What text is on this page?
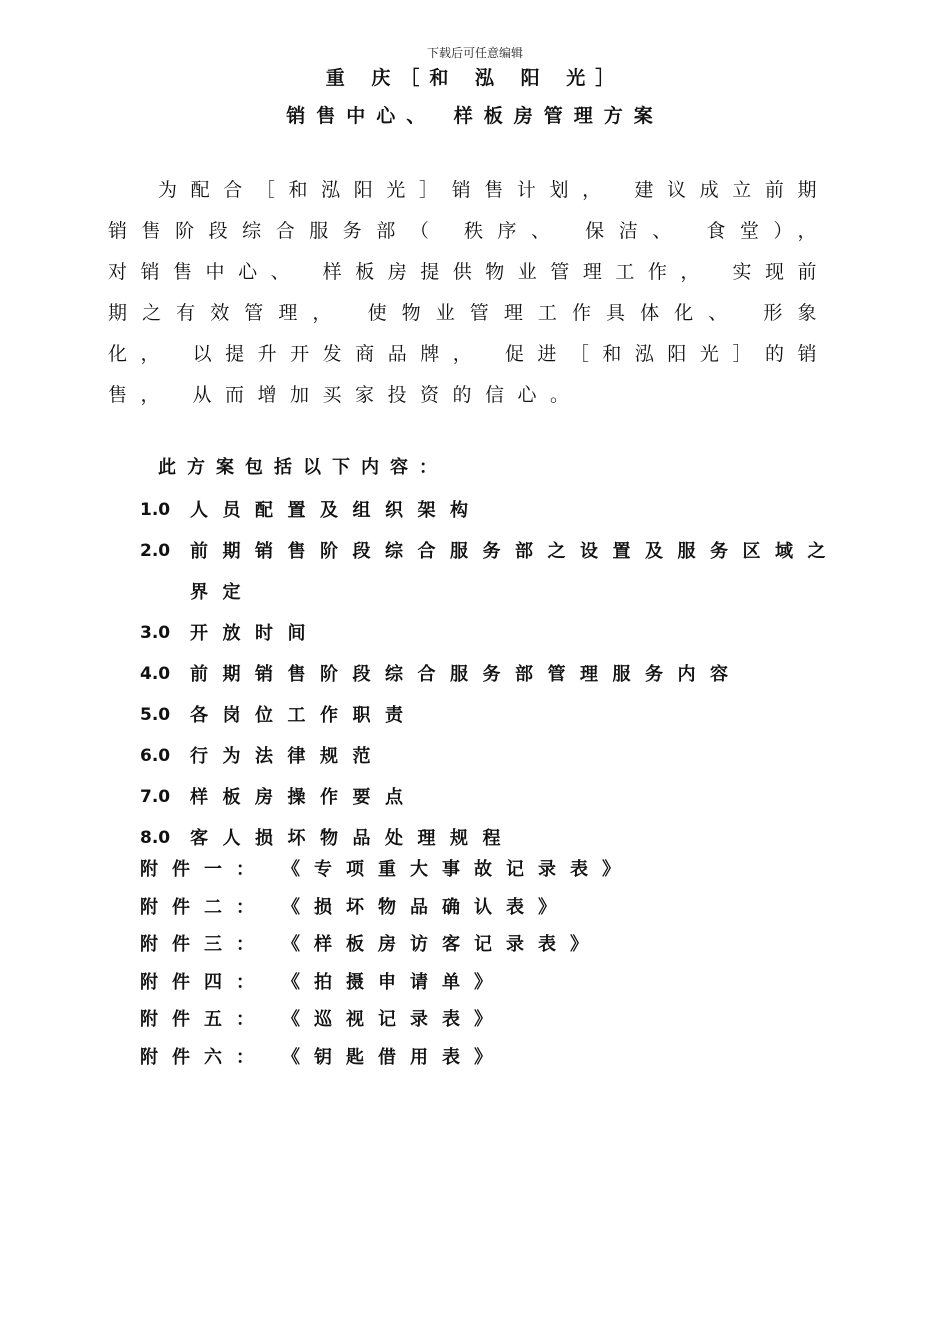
下载后可任意编辑
重 庆［和 泓 阳 光］
销售中心、 样板房管理方案

为配合［和泓阳光］销售计划， 建议成立前期销售阶段综合服务部（ 秩序、 保洁、 食堂）， 对销售中心、 样板房提供物业管理工作， 实现前期之有效管理， 使物业管理工作具体化、 形象化， 以提升开发商品牌， 促进［和泓阳光］的销售， 从而增加买家投资的信心。

此方案包括以下内容：
1.0	人员配置及组织架构
2.0	前期销售阶段综合服务部之设置及服务区域之界定
3.0	开放时间
4.0	前期销售阶段综合服务部管理服务内容
5.0	各岗位工作职责
6.0	行为法律规范
7.0	样板房操作要点
8.0	客人损坏物品处理规程
附件一： 《专项重大事故记录表》
附件二： 《损坏物品确认表》
附件三： 《样板房访客记录表》
附件四： 《拍摄申请单》
附件五： 《巡视记录表》
附件六： 《钥匙借用表》
